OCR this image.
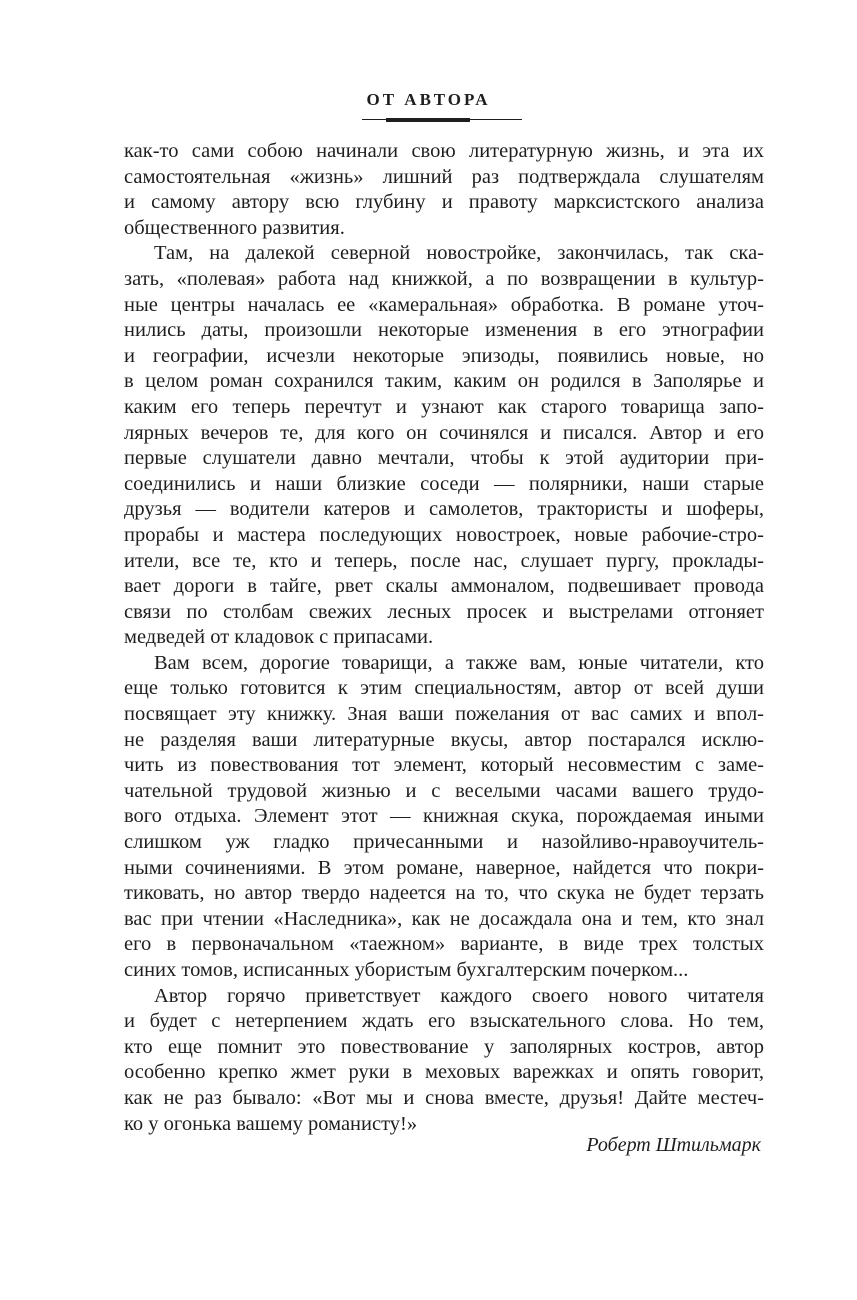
ОТ АВТОРА
как-то сами собою начинали свою литературную жизнь, и эта их
самостоятельная «жизнь» лишний раз подтверждала слушателям
и самому автору всю глубину и правоту марксистского анализа
общественного развития.
Там, на далекой северной новостройке, закончилась, так ска-
зать, «полевая» работа над книжкой, а по возвращении в культур-
ные центры началась ее «камеральная» обработка. В романе уточ-
нились даты, произошли некоторые изменения в его этнографии
и географии, исчезли некоторые эпизоды, появились новые, но
в целом роман сохранился таким, каким он родился в Заполярье и
каким его теперь перечтут и узнают как старого товарища запо-
лярных вечеров те, для кого он сочинялся и писался. Автор и его
первые слушатели давно мечтали, чтобы к этой аудитории при-
соединились и наши близкие соседи — полярники, наши старые
друзья — водители катеров и самолетов, трактористы и шоферы,
прорабы и мастера последующих новостроек, новые рабочие-стро-
ители, все те, кто и теперь, после нас, слушает пургу, проклады-
вает дороги в тайге, рвет скалы аммоналом, подвешивает провода
связи по столбам свежих лесных просек и выстрелами отгоняет
медведей от кладовок с припасами.
Вам всем, дорогие товарищи, а также вам, юные читатели, кто
еще только готовится к этим специальностям, автор от всей души
посвящает эту книжку. Зная ваши пожелания от вас самих и впол-
не разделяя ваши литературные вкусы, автор постарался исклю-
чить из повествования тот элемент, который несовместим с заме-
чательной трудовой жизнью и с веселыми часами вашего трудо-
вого отдыха. Элемент этот — книжная скука, порождаемая иными
слишком уж гладко причесанными и назойливо-нравоучитель-
ными сочинениями. В этом романе, наверное, найдется что покри-
тиковать, но автор твердо надеется на то, что скука не будет терзать
вас при чтении «Наследника», как не досаждала она и тем, кто знал
его в первоначальном «таежном» варианте, в виде трех толстых
синих томов, исписанных убористым бухгалтерским почерком...
Автор горячо приветствует каждого своего нового читателя
и будет с нетерпением ждать его взыскательного слова. Но тем,
кто еще помнит это повествование у заполярных костров, автор
особенно крепко жмет руки в меховых варежках и опять говорит,
как не раз бывало: «Вот мы и снова вместе, друзья! Дайте местеч-
ко у огонька вашему романисту!»
Роберт Штильмарк
